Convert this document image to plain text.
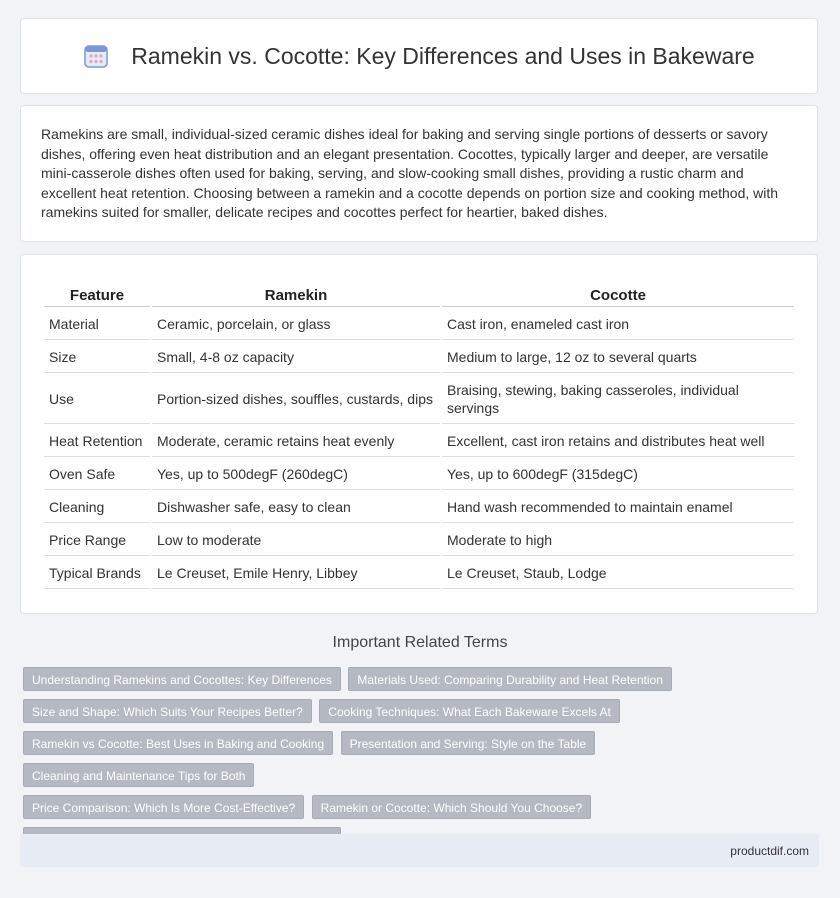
Ramekin vs. Cocotte: Key Differences and Uses in Bakeware

Ramekins are small, individual-sized ceramic dishes ideal for baking and serving single portions of desserts or savory dishes, offering even heat distribution and an elegant presentation. Cocottes, typically larger and deeper, are versatile mini-casserole dishes often used for baking, serving, and slow-cooking small dishes, providing a rustic charm and excellent heat retention. Choosing between a ramekin and a cocotte depends on portion size and cooking method, with ramekins suited for smaller, delicate recipes and cocottes perfect for heartier, baked dishes.

Feature	Ramekin	Cocotte
Material	Ceramic, porcelain, or glass	Cast iron, enameled cast iron
Size	Small, 4-8 oz capacity	Medium to large, 12 oz to several quarts
Use	Portion-sized dishes, souffles, custards, dips	Braising, stewing, baking casseroles, individual servings
Heat Retention	Moderate, ceramic retains heat evenly	Excellent, cast iron retains and distributes heat well
Oven Safe	Yes, up to 500degF (260degC)	Yes, up to 600degF (315degC)
Cleaning	Dishwasher safe, easy to clean	Hand wash recommended to maintain enamel
Price Range	Low to moderate	Moderate to high
Typical Brands	Le Creuset, Emile Henry, Libbey	Le Creuset, Staub, Lodge
Important Related Terms
Understanding Ramekins and Cocottes: Key Differences Materials Used: Comparing Durability and Heat Retention
Size and Shape: Which Suits Your Recipes Better? Cooking Techniques: What Each Bakeware Excels At
Ramekin vs Cocotte: Best Uses in Baking and Cooking Presentation and Serving: Style on the Table Cleaning and Maintenance Tips for Both
Price Comparison: Which Is More Cost-Effective? Ramekin or Cocotte: Which Should You Choose?

productdif.com
